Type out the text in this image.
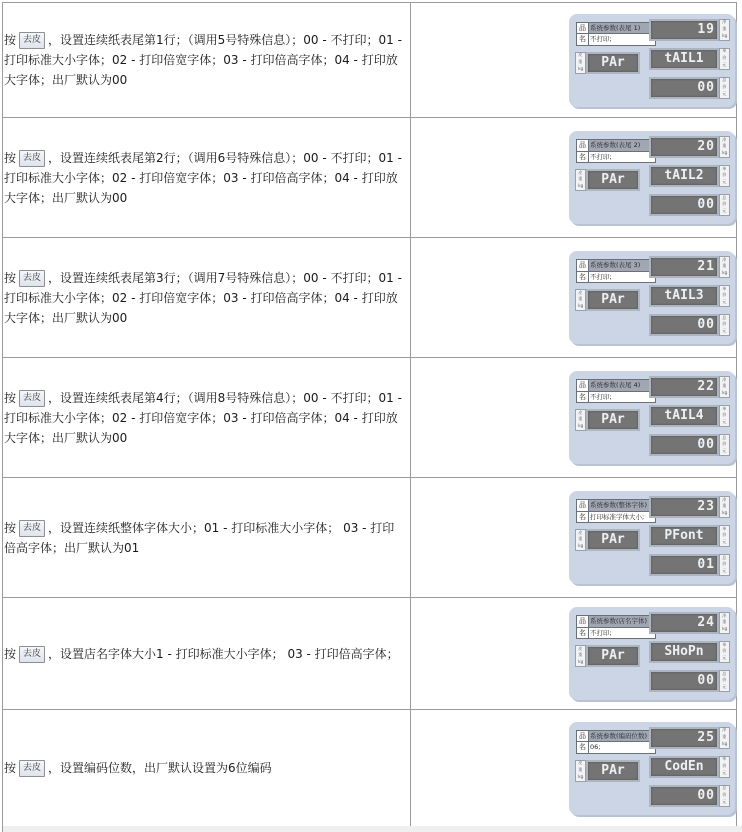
按 去皮 ，设置连续纸表尾第1行；（调用5号特殊信息）；00 - 不打印；01 - 打印标准大小字体；02 - 打印倍宽字体；03 - 打印倍高字体；04 - 打印放大字体；出厂默认为00
品
名
系统参数(表尾 1)
不打印;
皮
重
kg	PAr
19	净
重
kg
tAIL1	单
价
元
00	总
价
元
按 去皮 ，设置连续纸表尾第2行；（调用6号特殊信息）；00 - 不打印；01 - 打印标准大小字体；02 - 打印倍宽字体；03 - 打印倍高字体；04 - 打印放大字体；出厂默认为00
品
名
系统参数(表尾 2)
不打印;
皮
重
kg	PAr
20	净
重
kg
tAIL2	单
价
元
00	总
价
元
按 去皮 ，设置连续纸表尾第3行；（调用7号特殊信息）；00 - 不打印；01 - 打印标准大小字体；02 - 打印倍宽字体；03 - 打印倍高字体；04 - 打印放大字体；出厂默认为00
品
名
系统参数(表尾 3)
不打印;
皮
重
kg	PAr
21	净
重
kg
tAIL3	单
价
元
00	总
价
元
按 去皮 ，设置连续纸表尾第4行；（调用8号特殊信息）；00 - 不打印；01 - 打印标准大小字体；02 - 打印倍宽字体；03 - 打印倍高字体；04 - 打印放大字体；出厂默认为00
品
名
系统参数(表尾 4)
不打印;
皮
重
kg	PAr
22	净
重
kg
tAIL4	单
价
元
00	总
价
元
按 去皮 ，设置连续纸整体字体大小；01 - 打印标准大小字体； 03 - 打印倍高字体；出厂默认为01
品
名
系统参数(整体字体)
打印标准字体大小;
皮
重
kg	PAr
23	净
重
kg
PFont	单
价
元
01	总
价
元
按 去皮 ，设置店名字体大小1 - 打印标准大小字体； 03 - 打印倍高字体；
品
名
系统参数(店名字体)
不打印;
皮
重
kg	PAr
24	净
重
kg
SHoPn	单
价
元
00	总
价
元
按 去皮 ，设置编码位数，出厂默认设置为6位编码
品
名
系统参数(编码位数)
06;
皮
重
kg	PAr
25	净
重
kg
CodEn	单
价
元
00	总
价
元
